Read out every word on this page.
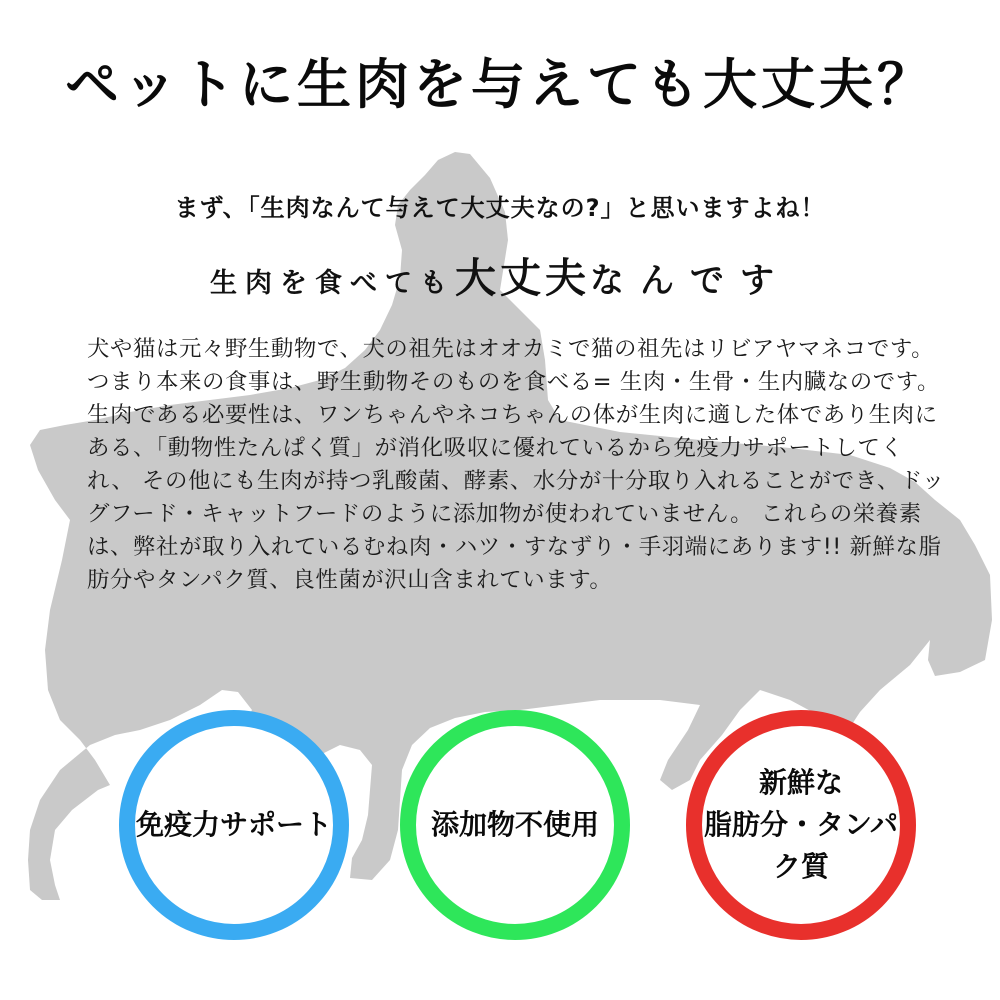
ペットに生肉を与えても大丈夫？
まず、「生肉なんて与えて大丈夫なの?」と思いますよね！
生肉を食べても大丈夫なんです

犬や猫は元々野生動物で、犬の祖先はオオカミで猫の祖先はリビアヤマネコです。つまり本来の食事は、野生動物そのものを食べる= 生肉・生骨・生内臓なのです。

生肉である必要性は、ワンちゃんやネコちゃんの体が生肉に適した体であり生肉にある、「動物性たんぱく質」が消化吸収に優れているから免疫力サポートしてくれ、 その他にも生肉が持つ乳酸菌、酵素、水分が十分取り入れることができ、ドッグフード・キャットフードのように添加物が使われていません。 これらの栄養素は、弊社が取り入れているむね肉・ハツ・すなずり・手羽端にあります!! 新鮮な脂肪分やタンパク質、良性菌が沢山含まれています。

免疫力サポート	添加物不使用
新鮮な
脂肪分・タンパク質
